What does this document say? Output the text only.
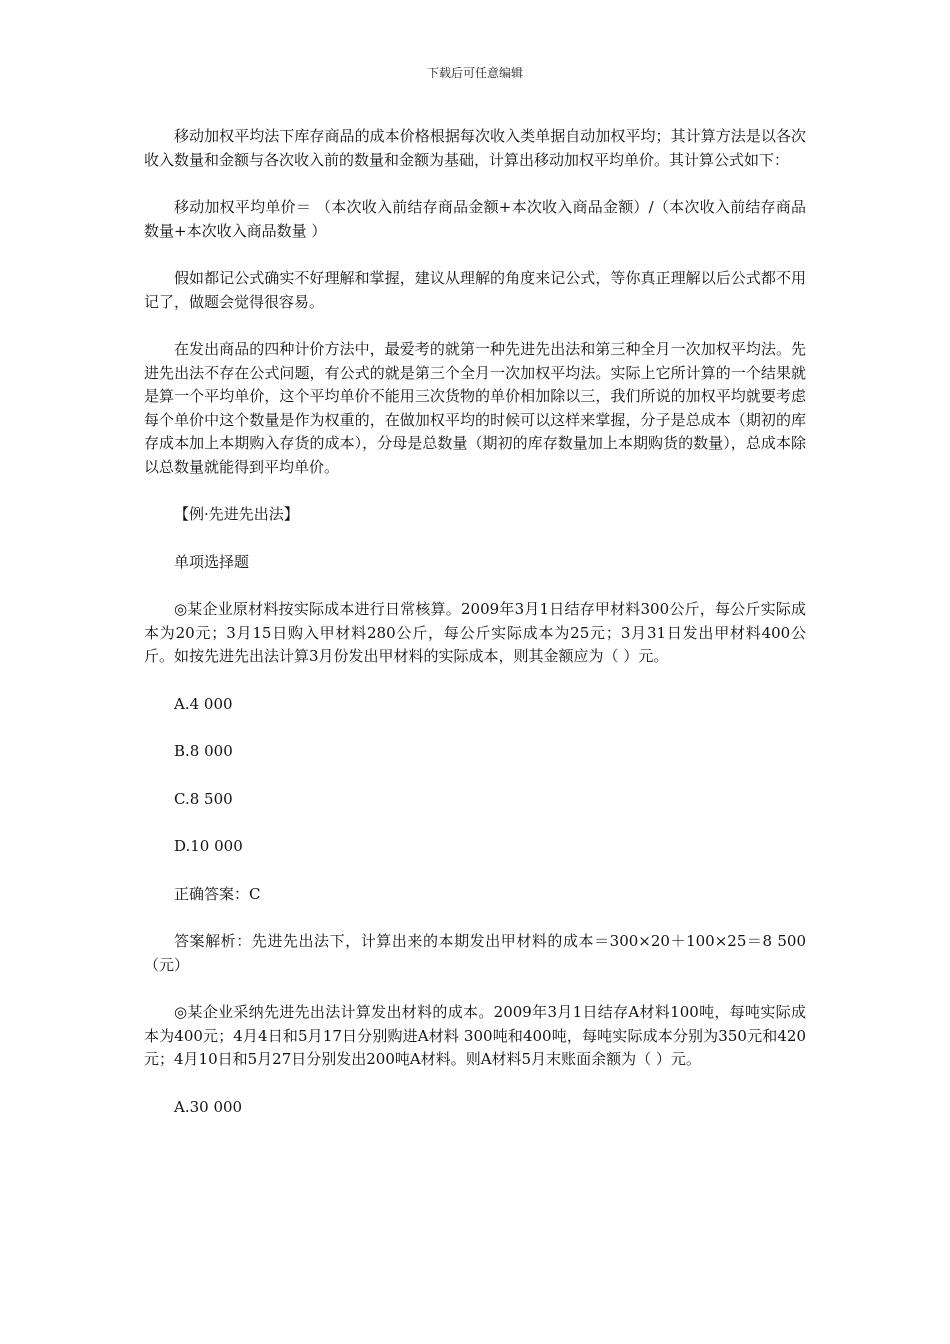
下载后可任意编辑

移动加权平均法下库存商品的成本价格根据每次收入类单据自动加权平均；其计算方法是以各次收入数量和金额与各次收入前的数量和金额为基础，计算出移动加权平均单价。其计算公式如下：

移动加权平均单价＝ （本次收入前结存商品金额+本次收入商品金额）/（本次收入前结存商品数量+本次收入商品数量 ）

假如都记公式确实不好理解和掌握，建议从理解的角度来记公式，等你真正理解以后公式都不用记了，做题会觉得很容易。

在发出商品的四种计价方法中，最爱考的就第一种先进先出法和第三种全月一次加权平均法。先进先出法不存在公式问题，有公式的就是第三个全月一次加权平均法。实际上它所计算的一个结果就是算一个平均单价，这个平均单价不能用三次货物的单价相加除以三，我们所说的加权平均就要考虑每个单价中这个数量是作为权重的，在做加权平均的时候可以这样来掌握，分子是总成本（期初的库存成本加上本期购入存货的成本），分母是总数量（期初的库存数量加上本期购货的数量），总成本除以总数量就能得到平均单价。

【例·先进先出法】

单项选择题

◎某企业原材料按实际成本进行日常核算。2009年3月1日结存甲材料300公斤，每公斤实际成本为20元；3月15日购入甲材料280公斤，每公斤实际成本为25元；3月31日发出甲材料400公斤。如按先进先出法计算3月份发出甲材料的实际成本，则其金额应为（ ）元。

A.4 000

B.8 000

C.8 500

D.10 000

正确答案：C

答案解析：先进先出法下，计算出来的本期发出甲材料的成本＝300×20＋100×25＝8 500（元）

◎某企业采纳先进先出法计算发出材料的成本。2009年3月1日结存A材料100吨，每吨实际成本为400元；4月4日和5月17日分别购进A材料 300吨和400吨，每吨实际成本分别为350元和420元；4月10日和5月27日分别发出200吨A材料。则A材料5月末账面余额为（ ）元。

A.30 000
